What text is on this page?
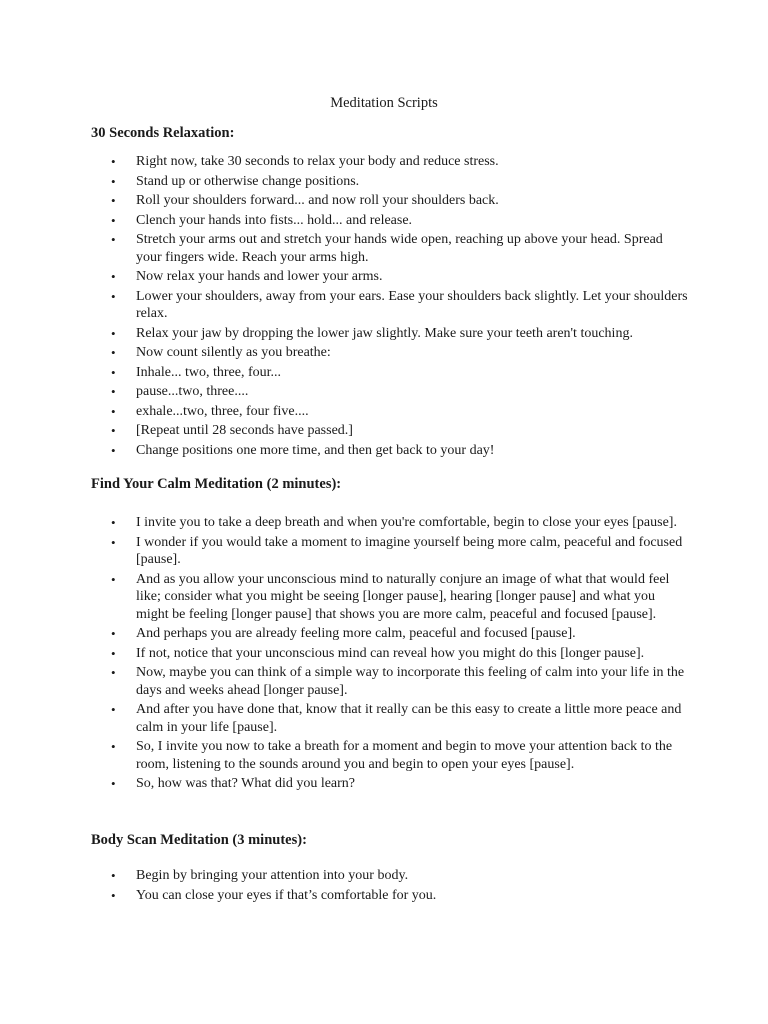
Meditation Scripts
30 Seconds Relaxation:
• Right now, take 30 seconds to relax your body and reduce stress.
• Stand up or otherwise change positions.
• Roll your shoulders forward... and now roll your shoulders back.
• Clench your hands into fists... hold... and release.
• Stretch your arms out and stretch your hands wide open, reaching up above your head. Spread your fingers wide. Reach your arms high.
• Now relax your hands and lower your arms.
• Lower your shoulders, away from your ears. Ease your shoulders back slightly. Let your shoulders relax.
• Relax your jaw by dropping the lower jaw slightly. Make sure your teeth aren't touching.
• Now count silently as you breathe:
• Inhale... two, three, four...
• pause...two, three....
• exhale...two, three, four five....
• [Repeat until 28 seconds have passed.]
• Change positions one more time, and then get back to your day!
Find Your Calm Meditation (2 minutes):
• I invite you to take a deep breath and when you're comfortable, begin to close your eyes [pause].
• I wonder if you would take a moment to imagine yourself being more calm, peaceful and focused [pause].
• And as you allow your unconscious mind to naturally conjure an image of what that would feel like; consider what you might be seeing [longer pause], hearing [longer pause] and what you might be feeling [longer pause] that shows you are more calm, peaceful and focused [pause].
• And perhaps you are already feeling more calm, peaceful and focused [pause].
• If not, notice that your unconscious mind can reveal how you might do this [longer pause].
• Now, maybe you can think of a simple way to incorporate this feeling of calm into your life in the days and weeks ahead [longer pause].
• And after you have done that, know that it really can be this easy to create a little more peace and calm in your life [pause].
• So, I invite you now to take a breath for a moment and begin to move your attention back to the room, listening to the sounds around you and begin to open your eyes [pause].
• So, how was that? What did you learn?
Body Scan Meditation (3 minutes):
• Begin by bringing your attention into your body.
• You can close your eyes if that’s comfortable for you.
